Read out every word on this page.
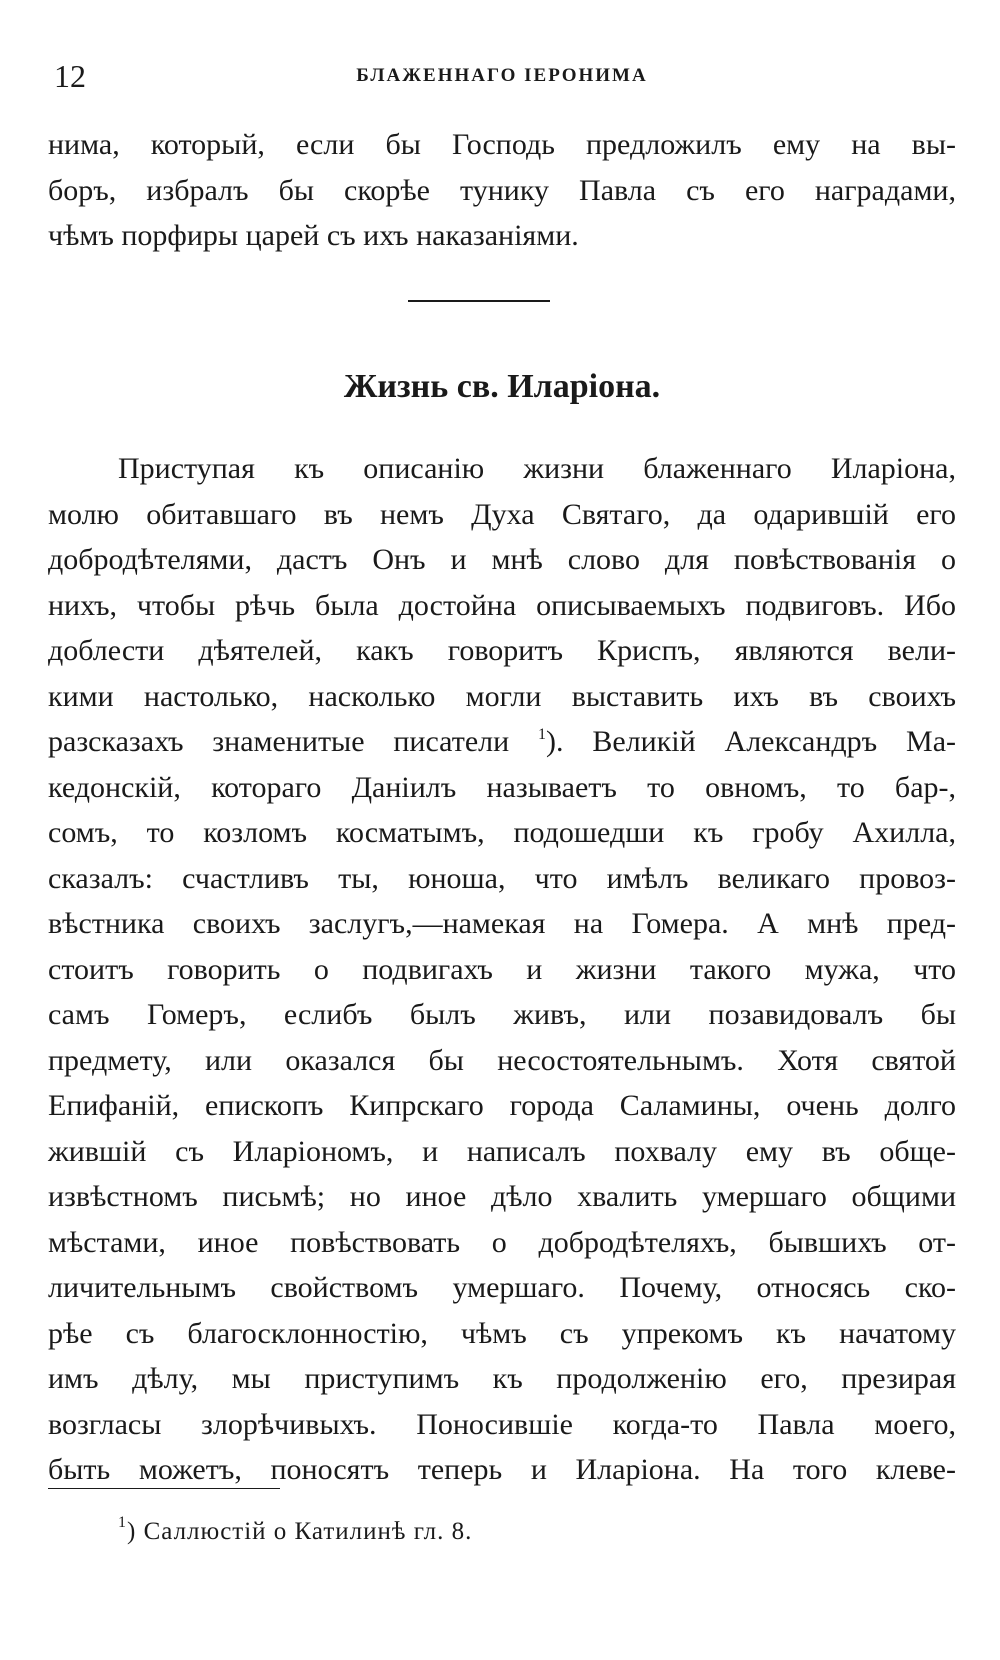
12	БЛАЖЕННАГО ІЕРОНИМА
нима, который, если бы Господь предложилъ ему на вы-
боръ, избралъ бы скорѣе тунику Павла съ его наградами,
чѣмъ порфиры царей съ ихъ наказаніями.
Жизнь св. Иларіона.
Приступая къ описанію жизни блаженнаго Иларіона,
молю обитавшаго въ немъ Духа Святаго, да одарившій его
добродѣтелями, дастъ Онъ и мнѣ слово для повѣствованія о
нихъ, чтобы рѣчь была достойна описываемыхъ подвиговъ. Ибо
доблести дѣятелей, какъ говоритъ Криспъ, являются вели-
кими настолько, насколько могли выставить ихъ въ своихъ
разсказахъ знаменитые писатели $^1$). Великій Александръ Ма-
кедонскій, котораго Даніилъ называетъ то овномъ, то бар-,
сомъ, то козломъ косматымъ, подошедши къ гробу Ахилла,
сказалъ: счастливъ ты, юноша, что имѣлъ великаго провоз-
вѣстника своихъ заслугъ,—намекая на Гомера. А мнѣ пред-
стоитъ говорить о подвигахъ и жизни такого мужа, что
самъ Гомеръ, еслибъ былъ живъ, или позавидовалъ бы
предмету, или оказался бы несостоятельнымъ. Хотя святой
Епифаній, епископъ Кипрскаго города Саламины, очень долго
жившій съ Иларіономъ, и написалъ похвалу ему въ обще-
извѣстномъ письмѣ; но иное дѣло хвалить умершаго общими
мѣстами, иное повѣствовать о добродѣтеляхъ, бывшихъ от-
личительнымъ свойствомъ умершаго. Почему, относясь ско-
рѣе съ благосклонностію, чѣмъ съ упрекомъ къ начатому
имъ дѣлу, мы приступимъ къ продолженію его, презирая
возгласы злорѣчивыхъ. Поносившіе когда-то Павла моего,
быть можетъ, поносятъ теперь и Иларіона. На того клеве-
$^1$) Саллюстій о Катилинѣ гл. 8.
